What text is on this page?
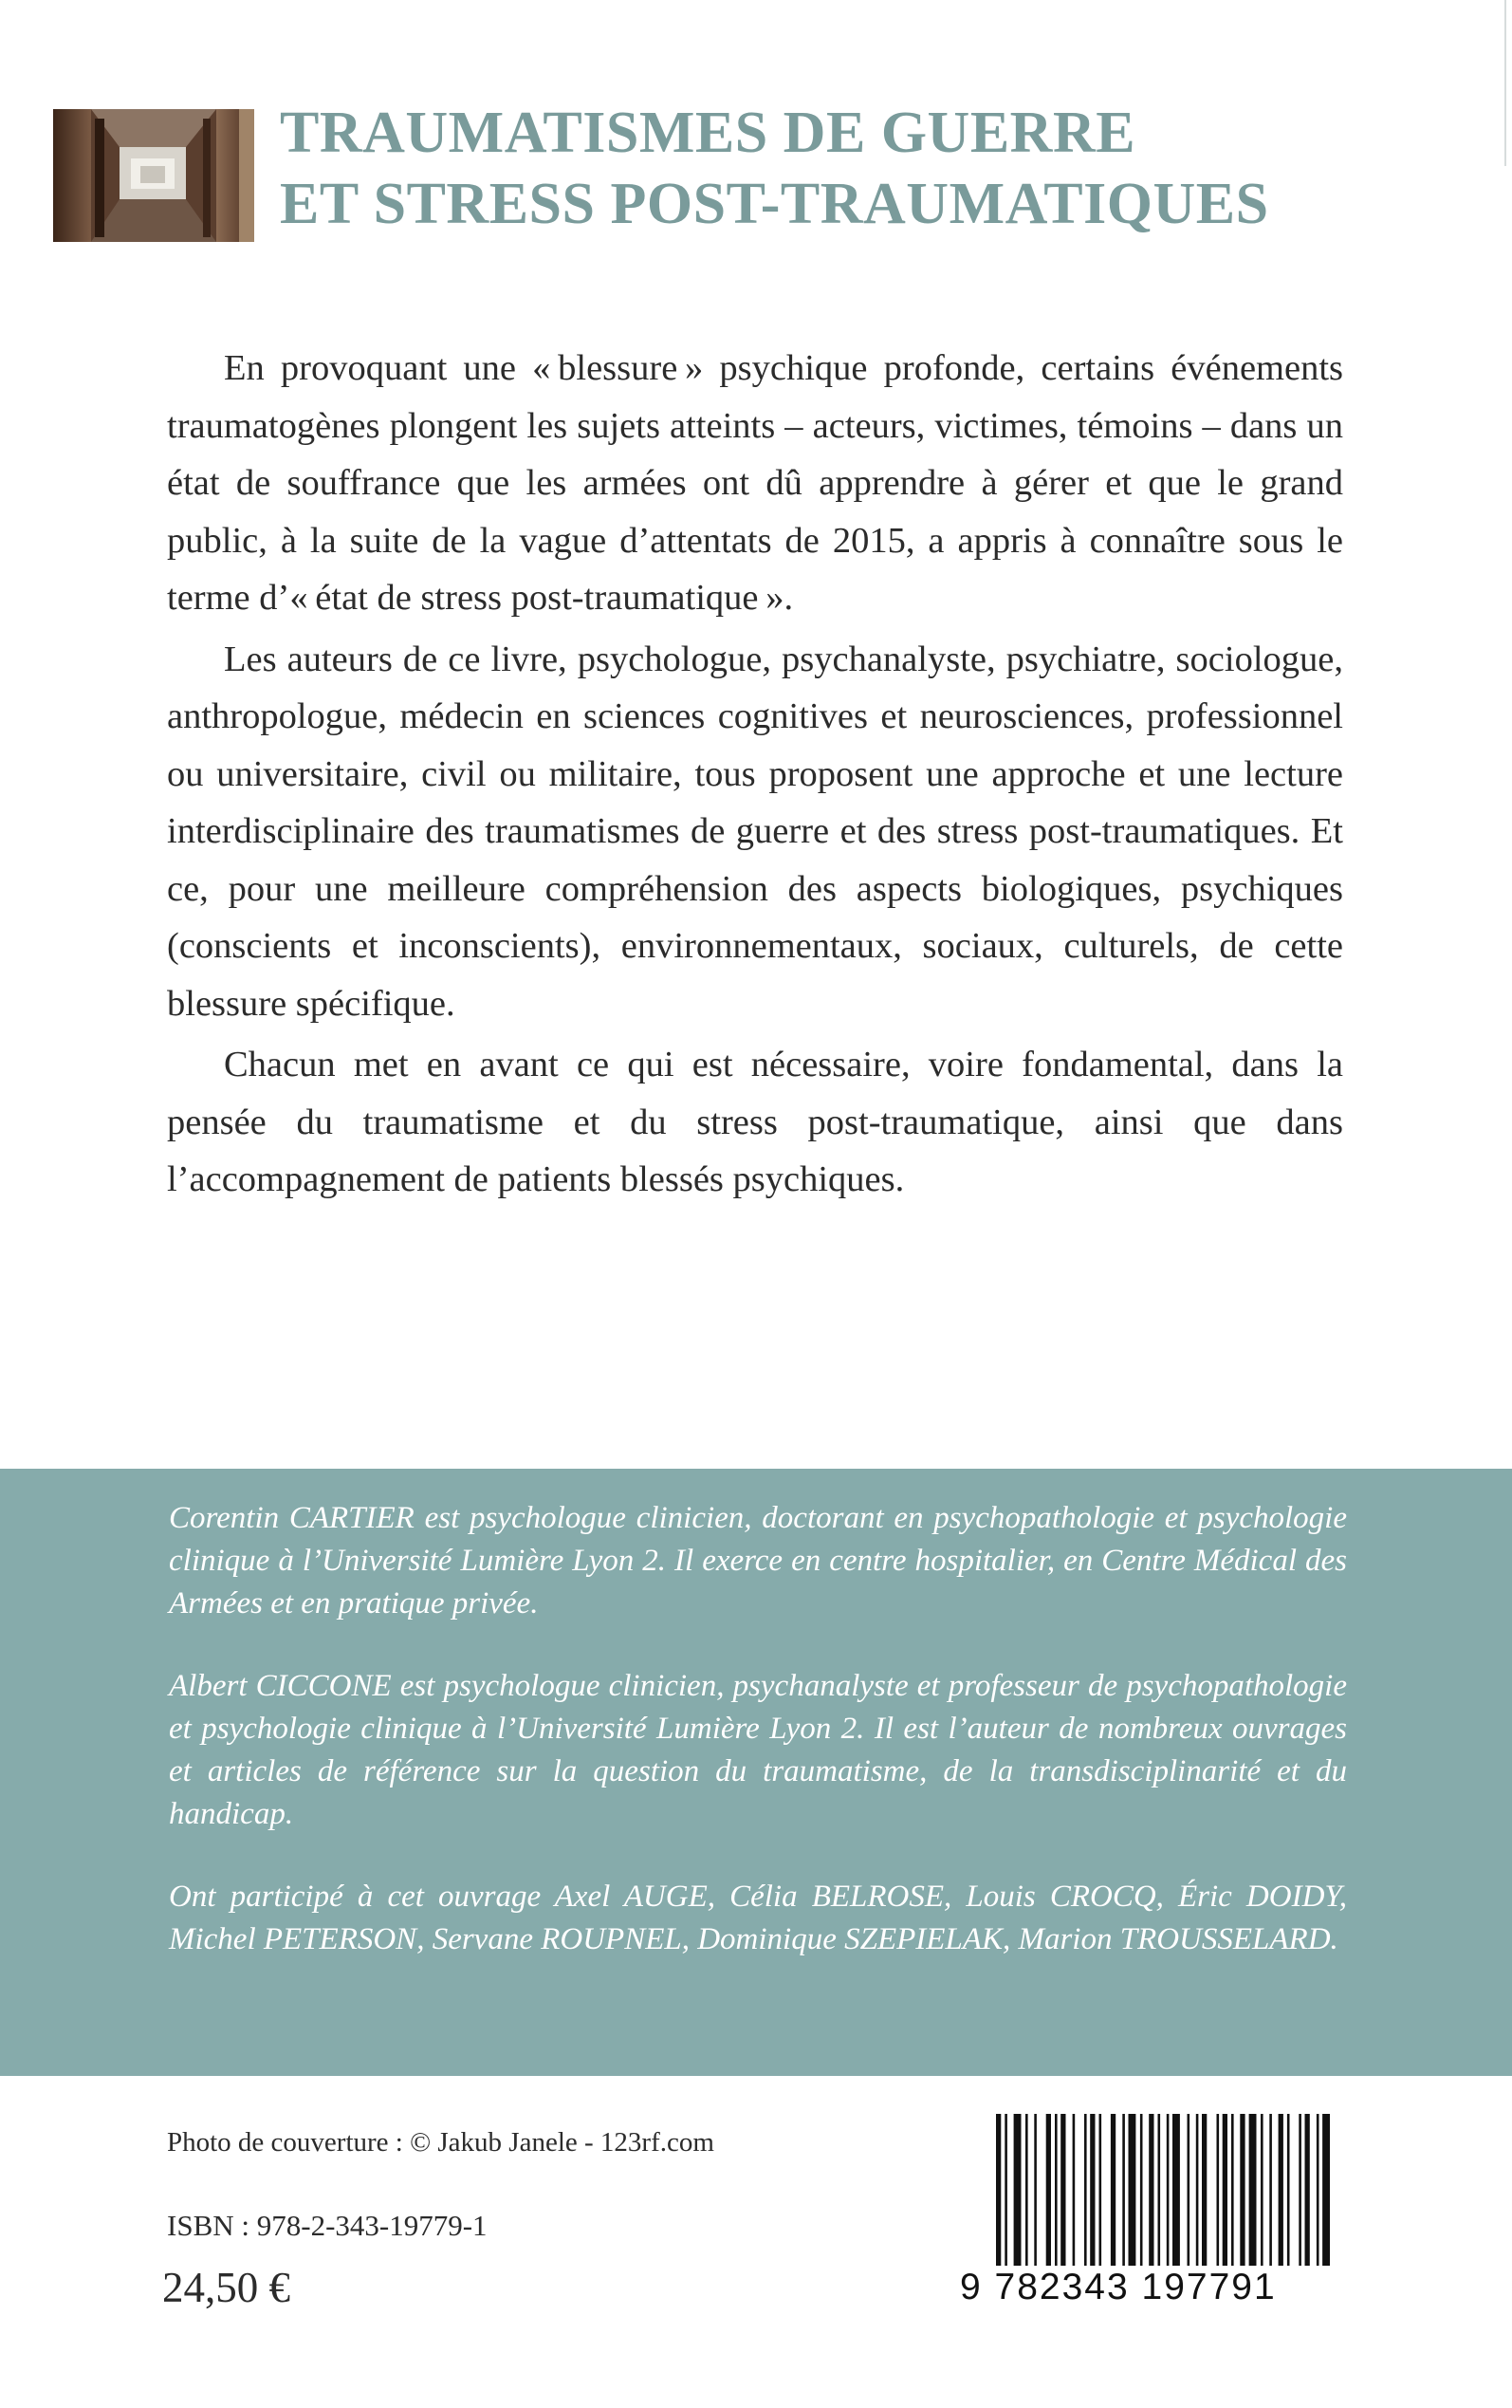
TRAUMATISMES DE GUERRE
ET STRESS POST-TRAUMATIQUES

En provoquant une « blessure » psychique profonde, certains événements traumatogènes plongent les sujets atteints – acteurs, victimes, témoins – dans un état de souffrance que les armées ont dû apprendre à gérer et que le grand public, à la suite de la vague d’attentats de 2015, a appris à connaître sous le terme d’« état de stress post-traumatique ».

Les auteurs de ce livre, psychologue, psychanalyste, psychiatre, sociologue, anthropologue, médecin en sciences cognitives et neurosciences, professionnel ou universitaire, civil ou militaire, tous proposent une approche et une lecture interdisciplinaire des traumatismes de guerre et des stress post-traumatiques. Et ce, pour une meilleure compréhension des aspects biologiques, psychiques (conscients et inconscients), environnementaux, sociaux, culturels, de cette blessure spécifique.

Chacun met en avant ce qui est nécessaire, voire fondamental, dans la pensée du traumatisme et du stress post-traumatique, ainsi que dans l’accompagnement de patients blessés psychiques.

Corentin CARTIER est psychologue clinicien, doctorant en psychopathologie et psychologie clinique à l’Université Lumière Lyon 2. Il exerce en centre hospitalier, en Centre Médical des Armées et en pratique privée.

Albert CICCONE est psychologue clinicien, psychanalyste et professeur de psychopathologie et psychologie clinique à l’Université Lumière Lyon 2. Il est l’auteur de nombreux ouvrages et articles de référence sur la question du traumatisme, de la transdisciplinarité et du handicap.

Ont participé à cet ouvrage Axel AUGE, Célia BELROSE, Louis CROCQ, Éric DOIDY, Michel PETERSON, Servane ROUPNEL, Dominique SZEPIELAK, Marion TROUSSELARD.

Photo de couverture : © Jakub Janele - 123rf.com
ISBN : 978-2-343-19779-1
24,50 €	9 782343 197791
